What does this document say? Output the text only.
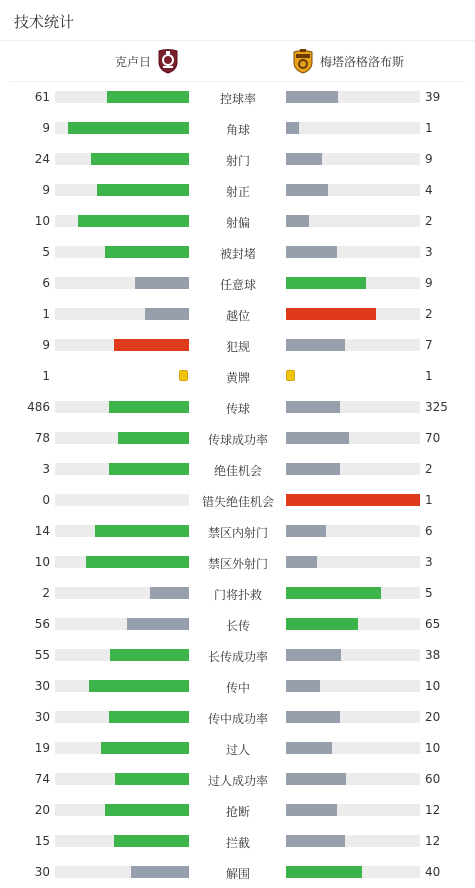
技术统计
克卢日	梅塔洛格洛布斯
61	控球率	39
9	角球	1
24	射门	9
9	射正	4
10	射偏	2
5	被封堵	3
6	任意球	9
1	越位	2
9	犯规	7
1	黄牌	1
486	传球	325
78	传球成功率	70
3	绝佳机会	2
0	错失绝佳机会	1
14	禁区内射门	6
10	禁区外射门	3
2	门将扑救	5
56	长传	65
55	长传成功率	38
30	传中	10
30	传中成功率	20
19	过人	10
74	过人成功率	60
20	抢断	12
15	拦截	12
30	解围	40
